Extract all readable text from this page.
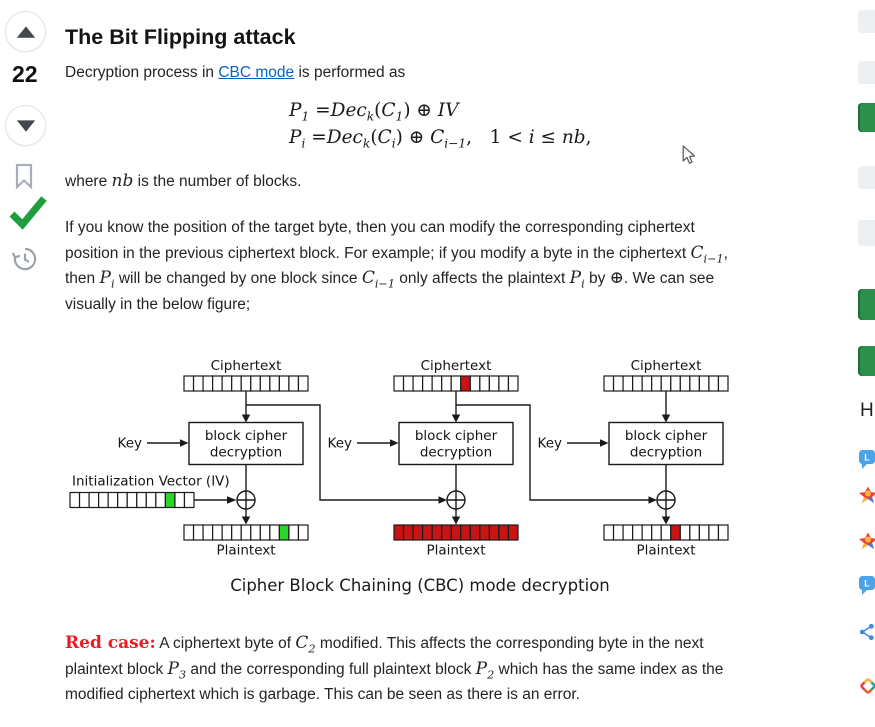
22
The Bit Flipping attack
Decryption process in CBC mode is performed as
$P_1 =Dec_k(C_1)$ ⊕ IV
$P_i =Dec_k(C_i)$ ⊕ $C_{i-1}$,   1 < i ≤ nb,
where nb is the number of blocks.
If you know the position of the target byte, then you can modify the corresponding ciphertext
position in the previous ciphertext block. For example; if you modify a byte in the ciphertext $C_{i-1}$,
then $P_i$ will be changed by one block since $C_{i-1}$ only affects the plaintext $P_i$ by ⊕. We can see
visually in the below figure;
Ciphertext	Ciphertext	Ciphertext
block cipher
decryption
block cipher
decryption
block cipher
decryption
Key	Key	Key
Initialization Vector (IV)
Plaintext	Plaintext	Plaintext
Cipher Block Chaining (CBC) mode decryption
Red case: A ciphertext byte of $C_2$ modified. This affects the corresponding byte in the next
plaintext block $P_3$ and the corresponding full plaintext block $P_2$ which has the same index as the
modified ciphertext which is garbage. This can be seen as there is an error.
H
L
L
